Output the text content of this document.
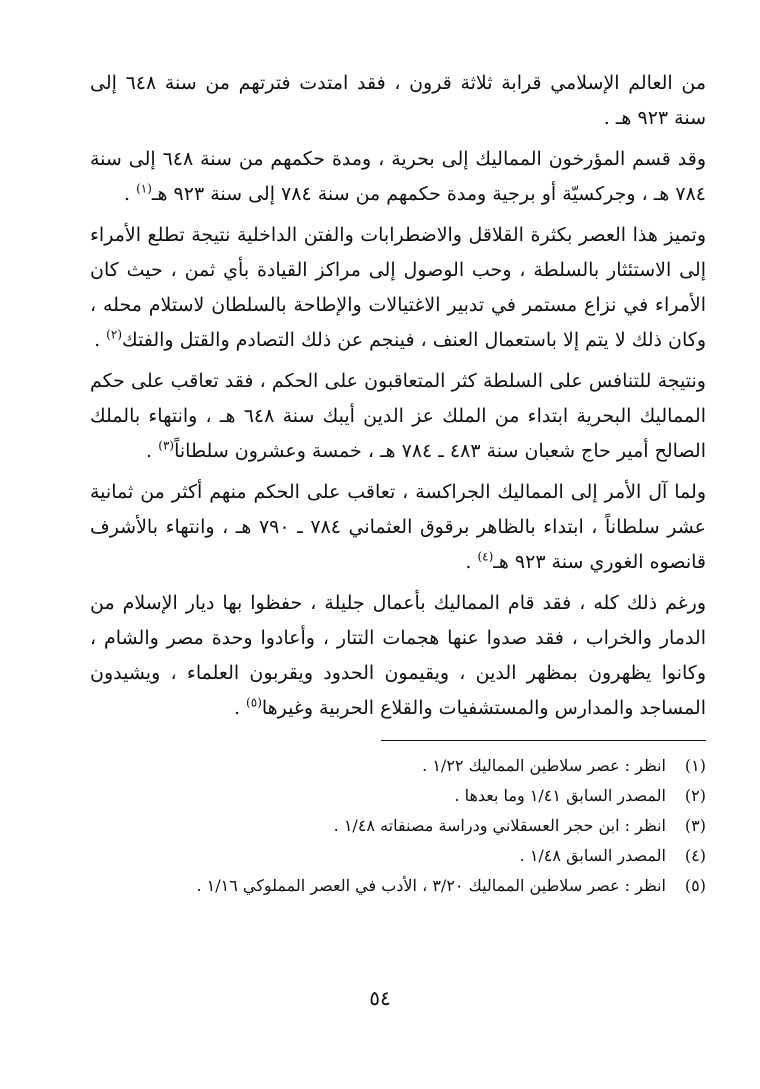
من العالم الإسلامي قرابة ثلاثة قرون ، فقد امتدت فترتهم من سنة ٦٤٨ إلى سنة ٩٢٣ هـ .

وقد قسم المؤرخون المماليك إلى بحرية ، ومدة حكمهم من سنة ٦٤٨ إلى سنة ٧٨٤ هـ ، وجركسيّة أو برجية ومدة حكمهم من سنة ٧٨٤ إلى سنة ٩٢٣ هـ$^{(١)}$ .

وتميز هذا العصر بكثرة القلاقل والاضطرابات والفتن الداخلية نتيجة تطلع الأمراء إلى الاستئثار بالسلطة ، وحب الوصول إلى مراكز القيادة بأي ثمن ، حيث كان الأمراء في نزاع مستمر في تدبير الاغتيالات والإطاحة بالسلطان لاستلام محله ، وكان ذلك لا يتم إلا باستعمال العنف ، فينجم عن ذلك التصادم والقتل والفتك$^{(٢)}$ .

ونتيجة للتنافس على السلطة كثر المتعاقبون على الحكم ، فقد تعاقب على حكم المماليك البحرية ابتداء من الملك عز الدين أيبك سنة ٦٤٨ هـ ، وانتهاء بالملك الصالح أمير حاج شعبان سنة ٤٨٣ ـ ٧٨٤ هـ ، خمسة وعشرون سلطاناً$^{(٣)}$ .

ولما آل الأمر إلى المماليك الجراكسة ، تعاقب على الحكم منهم أكثر من ثمانية عشر سلطاناً ، ابتداء بالظاهر برقوق العثماني ٧٨٤ ـ ٧٩٠ هـ ، وانتهاء بالأشرف قانصوه الغوري سنة ٩٢٣ هـ$^{(٤)}$ .

ورغم ذلك كله ، فقد قام المماليك بأعمال جليلة ، حفظوا بها ديار الإسلام من الدمار والخراب ، فقد صدوا عنها هجمات التتار ، وأعادوا وحدة مصر والشام ، وكانوا يظهرون بمظهر الدين ، ويقيمون الحدود ويقربون العلماء ، ويشيدون المساجد والمدارس والمستشفيات والقلاع الحربية وغيرها$^{(٥)}$ .

(١)
انظر : عصر سلاطين المماليك ١/٢٢ .
(٢)
المصدر السابق ١/٤١ وما بعدها .
(٣)
انظر : ابن حجر العسقلاني ودراسة مصنفاته ١/٤٨ .
(٤)
المصدر السابق ١/٤٨ .
(٥)
انظر : عصر سلاطين المماليك ٣/٢٠ ، الأدب في العصر المملوكي ١/١٦ .
٥٤
